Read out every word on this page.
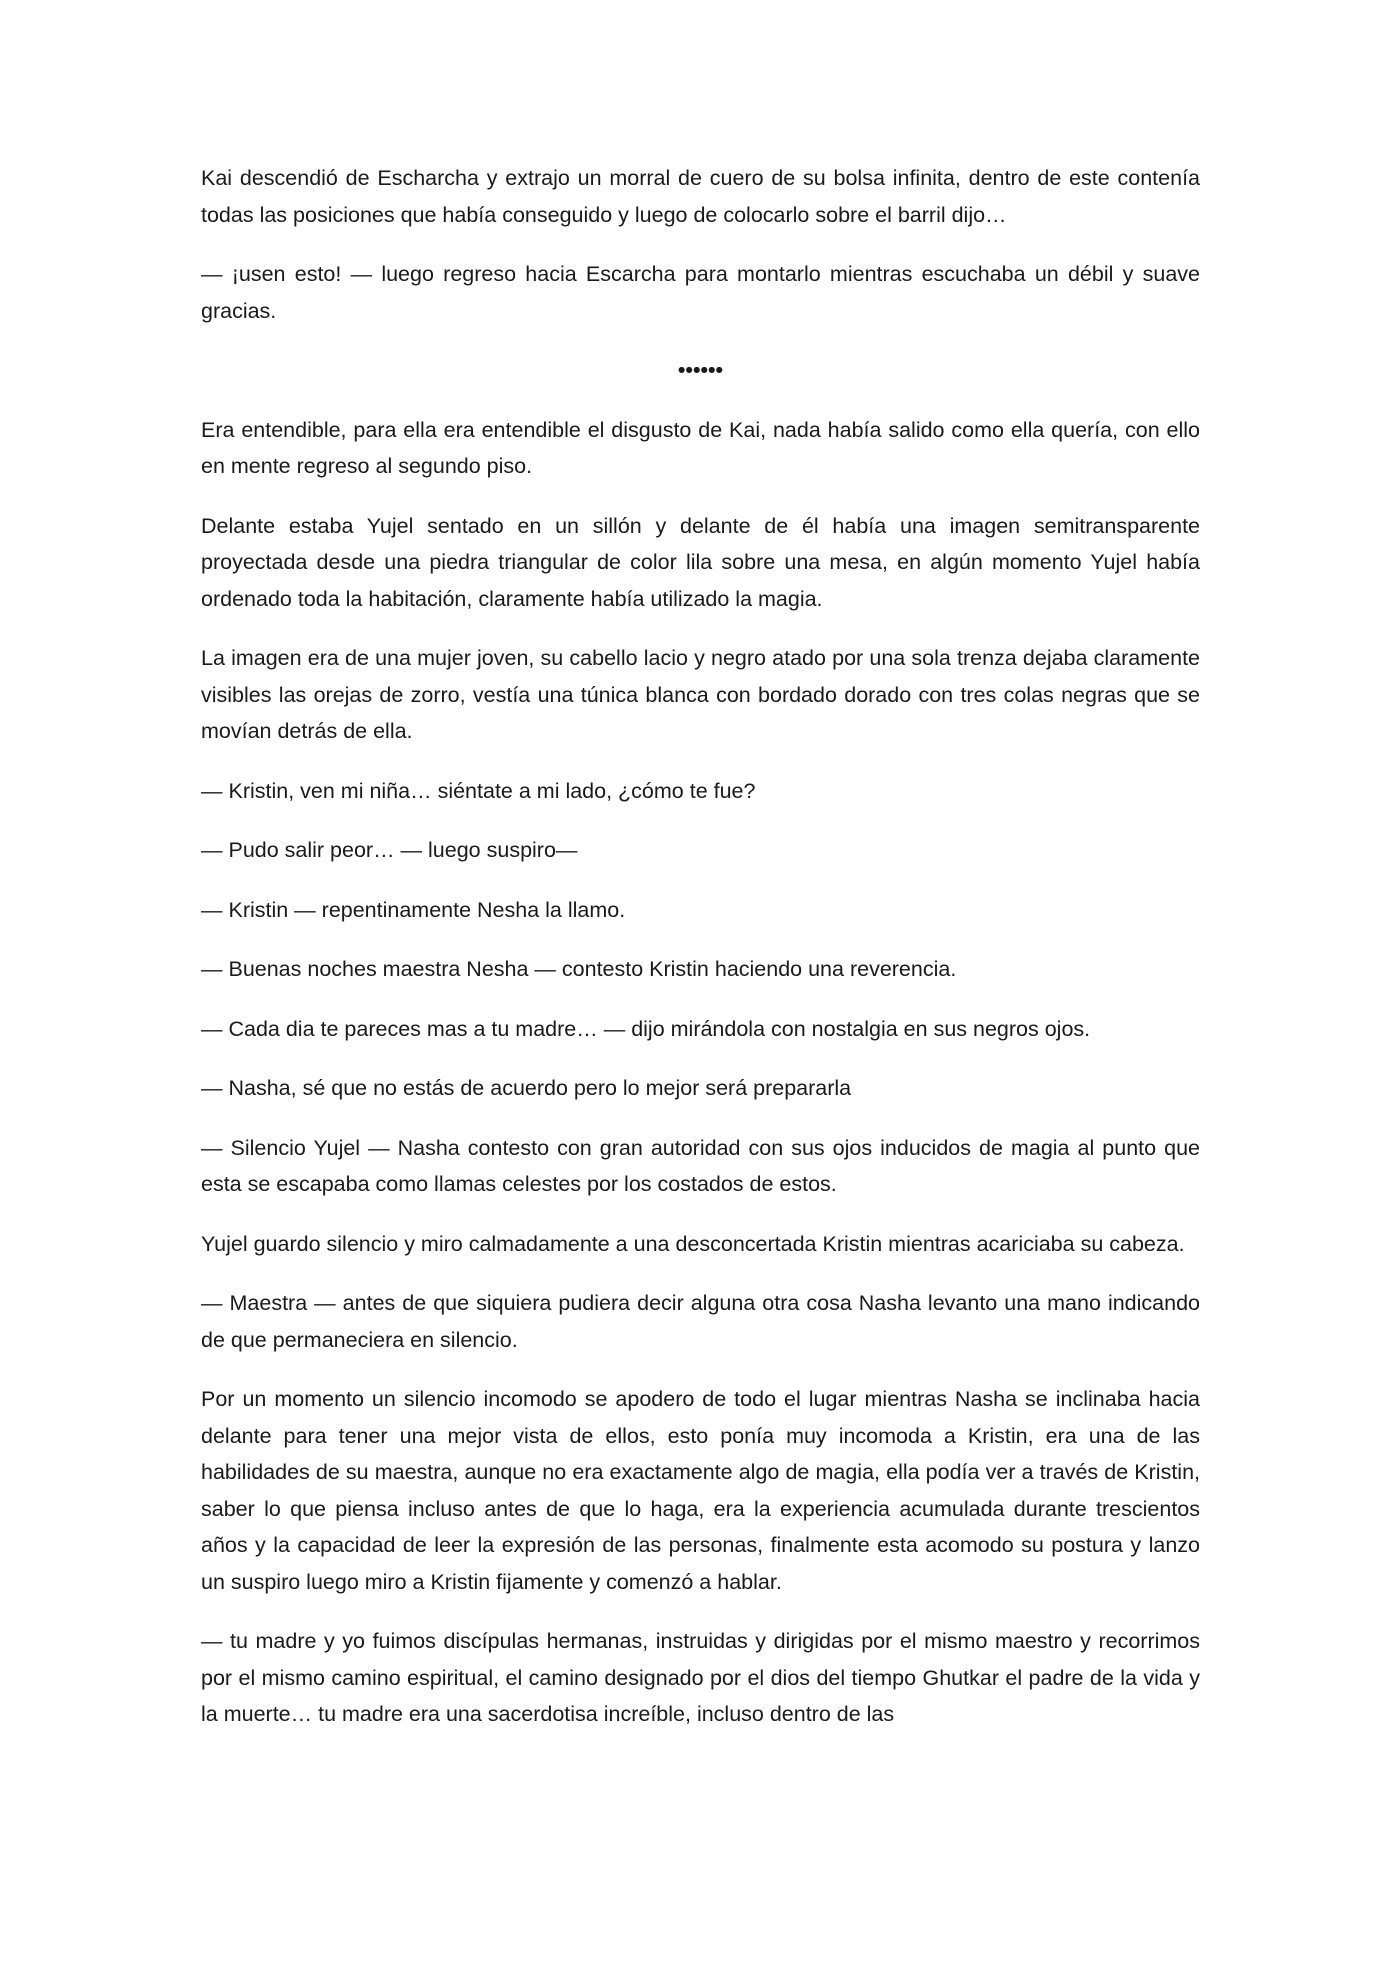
Kai descendió de Escharcha y extrajo un morral de cuero de su bolsa infinita, dentro de este contenía todas las posiciones que había conseguido y luego de colocarlo sobre el barril dijo…

— ¡usen esto! — luego regreso hacia Escarcha para montarlo mientras escuchaba un débil y suave gracias.

••••••

Era entendible, para ella era entendible el disgusto de Kai, nada había salido como ella quería, con ello en mente regreso al segundo piso.

Delante estaba Yujel sentado en un sillón y delante de él había una imagen semitransparente proyectada desde una piedra triangular de color lila sobre una mesa, en algún momento Yujel había ordenado toda la habitación, claramente había utilizado la magia.

La imagen era de una mujer joven, su cabello lacio y negro atado por una sola trenza dejaba claramente visibles las orejas de zorro, vestía una túnica blanca con bordado dorado con tres colas negras que se movían detrás de ella.

— Kristin, ven mi niña… siéntate a mi lado, ¿cómo te fue?

— Pudo salir peor… — luego suspiro—

— Kristin — repentinamente Nesha la llamo.

— Buenas noches maestra Nesha — contesto Kristin haciendo una reverencia.

— Cada dia te pareces mas a tu madre… — dijo mirándola con nostalgia en sus negros ojos.

— Nasha, sé que no estás de acuerdo pero lo mejor será prepararla

— Silencio Yujel — Nasha contesto con gran autoridad con sus ojos inducidos de magia al punto que esta se escapaba como llamas celestes por los costados de estos.

Yujel guardo silencio y miro calmadamente a una desconcertada Kristin mientras acariciaba su cabeza.

— Maestra — antes de que siquiera pudiera decir alguna otra cosa Nasha levanto una mano indicando de que permaneciera en silencio.

Por un momento un silencio incomodo se apodero de todo el lugar mientras Nasha se inclinaba hacia delante para tener una mejor vista de ellos, esto ponía muy incomoda a Kristin, era una de las habilidades de su maestra, aunque no era exactamente algo de magia, ella podía ver a través de Kristin, saber lo que piensa incluso antes de que lo haga, era la experiencia acumulada durante trescientos años y la capacidad de leer la expresión de las personas, finalmente esta acomodo su postura y lanzo un suspiro luego miro a Kristin fijamente y comenzó a hablar.

— tu madre y yo fuimos discípulas hermanas, instruidas y dirigidas por el mismo maestro y recorrimos por el mismo camino espiritual, el camino designado por el dios del tiempo Ghutkar el padre de la vida y la muerte… tu madre era una sacerdotisa increíble, incluso dentro de las
